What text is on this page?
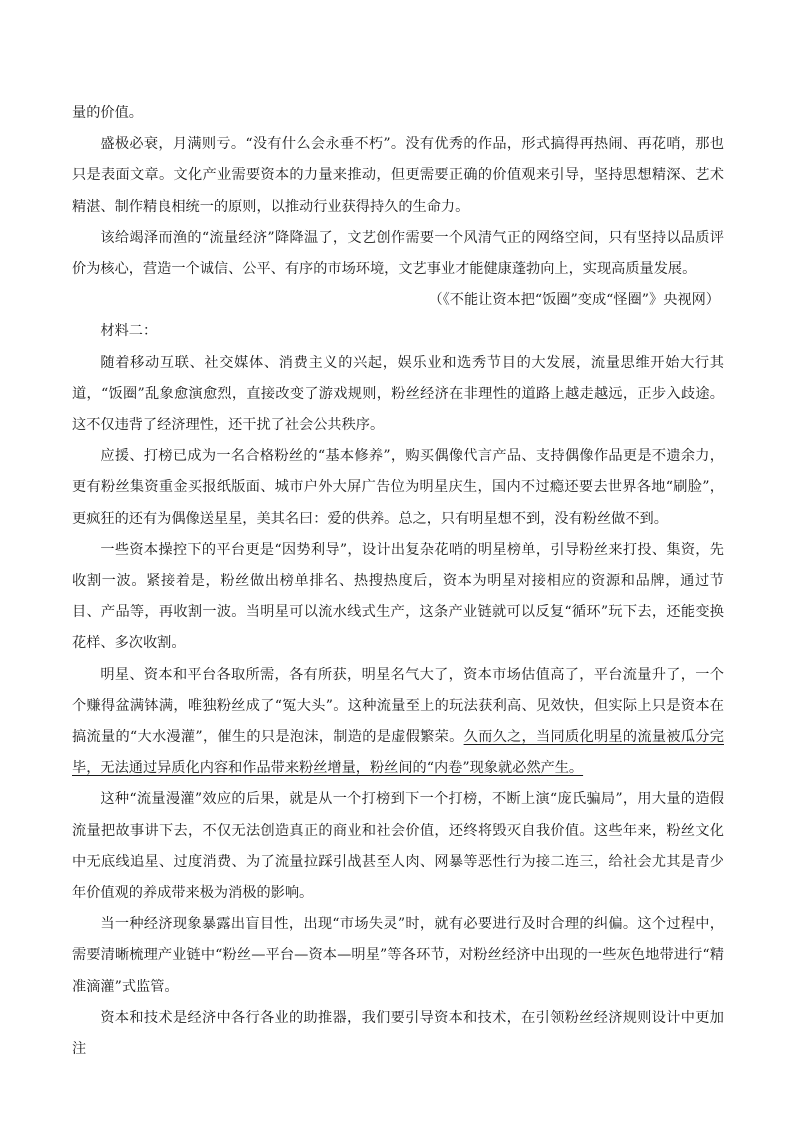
量的价值。

盛极必衰，月满则亏。“没有什么会永垂不朽”。没有优秀的作品，形式搞得再热闹、再花哨，那也只是表面文章。文化产业需要资本的力量来推动，但更需要正确的价值观来引导，坚持思想精深、艺术精湛、制作精良相统一的原则，以推动行业获得持久的生命力。

该给竭泽而渔的“流量经济”降降温了，文艺创作需要一个风清气正的网络空间，只有坚持以品质评价为核心，营造一个诚信、公平、有序的市场环境，文艺事业才能健康蓬勃向上，实现高质量发展。

（《不能让资本把“饭圈”变成“怪圈”》央视网）

材料二：

随着移动互联、社交媒体、消费主义的兴起，娱乐业和选秀节目的大发展，流量思维开始大行其道，“饭圈”乱象愈演愈烈，直接改变了游戏规则，粉丝经济在非理性的道路上越走越远，正步入歧途。这不仅违背了经济理性，还干扰了社会公共秩序。

应援、打榜已成为一名合格粉丝的“基本修养”，购买偶像代言产品、支持偶像作品更是不遗余力，更有粉丝集资重金买报纸版面、城市户外大屏广告位为明星庆生，国内不过瘾还要去世界各地“刷脸”，更疯狂的还有为偶像送星星，美其名曰：爱的供养。总之，只有明星想不到，没有粉丝做不到。

一些资本操控下的平台更是“因势利导”，设计出复杂花哨的明星榜单，引导粉丝来打投、集资，先收割一波。紧接着是，粉丝做出榜单排名、热搜热度后，资本为明星对接相应的资源和品牌，通过节目、产品等，再收割一波。当明星可以流水线式生产，这条产业链就可以反复“循环”玩下去，还能变换花样、多次收割。

明星、资本和平台各取所需，各有所获，明星名气大了，资本市场估值高了，平台流量升了，一个个赚得盆满钵满，唯独粉丝成了“冤大头”。这种流量至上的玩法获利高、见效快，但实际上只是资本在搞流量的“大水漫灌”，催生的只是泡沫，制造的是虚假繁荣。久而久之，当同质化明星的流量被瓜分完毕，无法通过异质化内容和作品带来粉丝增量，粉丝间的“内卷”现象就必然产生。

这种“流量漫灌”效应的后果，就是从一个打榜到下一个打榜，不断上演“庞氏骗局”，用大量的造假流量把故事讲下去，不仅无法创造真正的商业和社会价值，还终将毁灭自我价值。这些年来，粉丝文化中无底线追星、过度消费、为了流量拉踩引战甚至人肉、网暴等恶性行为接二连三，给社会尤其是青少年价值观的养成带来极为消极的影响。

当一种经济现象暴露出盲目性，出现“市场失灵”时，就有必要进行及时合理的纠偏。这个过程中，需要清晰梳理产业链中“粉丝—平台—资本—明星”等各环节，对粉丝经济中出现的一些灰色地带进行“精准滴灌”式监管。

资本和技术是经济中各行各业的助推器，我们要引导资本和技术，在引领粉丝经济规则设计中更加注
